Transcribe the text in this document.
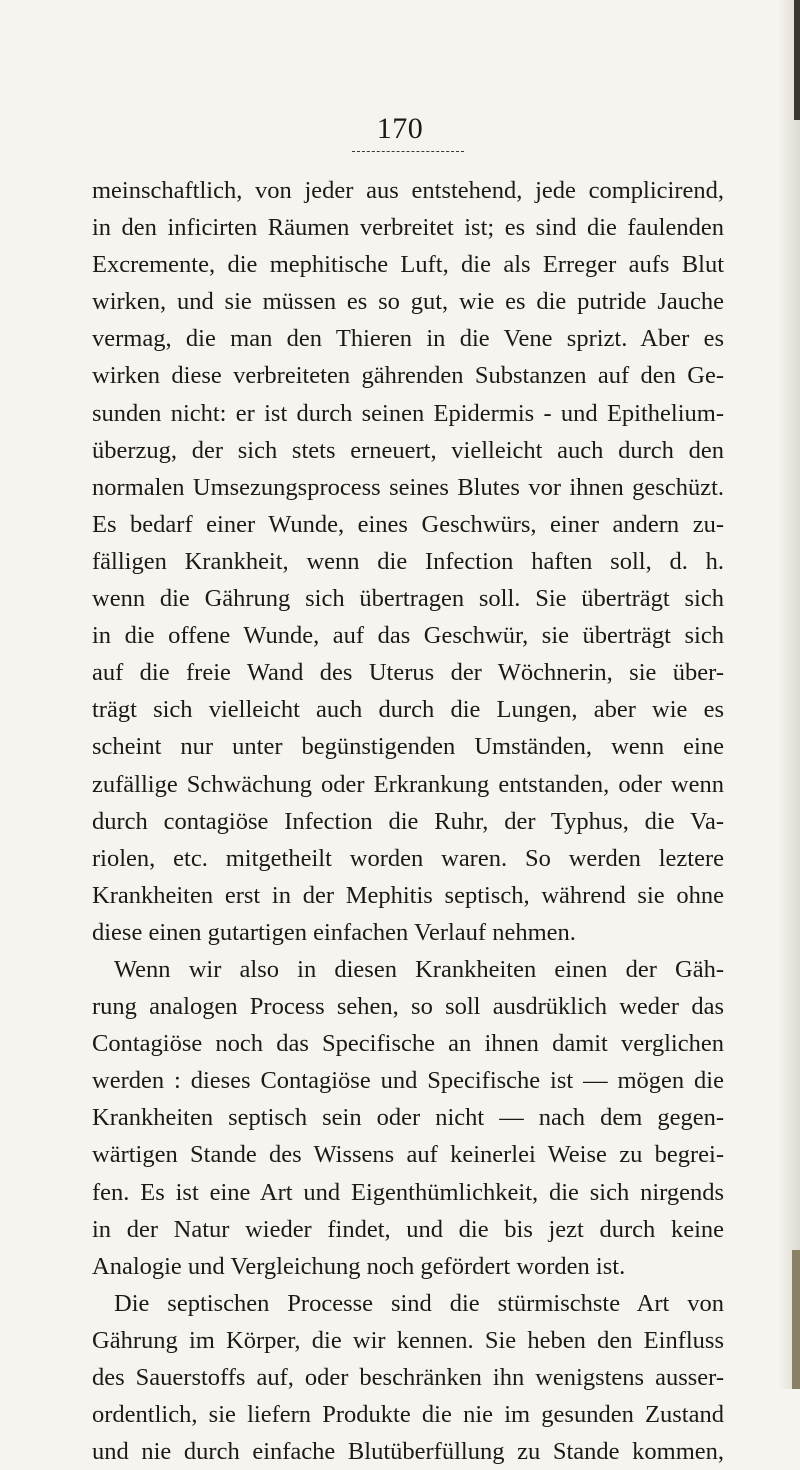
170
meinschaftlich, von jeder aus entstehend, jede complicirend,
in den inficirten Räumen verbreitet ist; es sind die faulenden
Excremente, die mephitische Luft, die als Erreger aufs Blut
wirken, und sie müssen es so gut, wie es die putride Jauche
vermag, die man den Thieren in die Vene sprizt. Aber es
wirken diese verbreiteten gährenden Substanzen auf den Ge-
sunden nicht: er ist durch seinen Epidermis - und Epithelium-
überzug, der sich stets erneuert, vielleicht auch durch den
normalen Umsezungsprocess seines Blutes vor ihnen geschüzt.
Es bedarf einer Wunde, eines Geschwürs, einer andern zu-
fälligen Krankheit, wenn die Infection haften soll, d. h.
wenn die Gährung sich übertragen soll. Sie überträgt sich
in die offene Wunde, auf das Geschwür, sie überträgt sich
auf die freie Wand des Uterus der Wöchnerin, sie über-
trägt sich vielleicht auch durch die Lungen, aber wie es
scheint nur unter begünstigenden Umständen, wenn eine
zufällige Schwächung oder Erkrankung entstanden, oder wenn
durch contagiöse Infection die Ruhr, der Typhus, die Va-
riolen, etc. mitgetheilt worden waren. So werden leztere
Krankheiten erst in der Mephitis septisch, während sie ohne
diese einen gutartigen einfachen Verlauf nehmen.
Wenn wir also in diesen Krankheiten einen der Gäh-
rung analogen Process sehen, so soll ausdrüklich weder das
Contagiöse noch das Specifische an ihnen damit verglichen
werden : dieses Contagiöse und Specifische ist — mögen die
Krankheiten septisch sein oder nicht — nach dem gegen-
wärtigen Stande des Wissens auf keinerlei Weise zu begrei-
fen. Es ist eine Art und Eigenthümlichkeit, die sich nirgends
in der Natur wieder findet, und die bis jezt durch keine
Analogie und Vergleichung noch gefördert worden ist.
Die septischen Processe sind die stürmischste Art von
Gährung im Körper, die wir kennen. Sie heben den Einfluss
des Sauerstoffs auf, oder beschränken ihn wenigstens ausser-
ordentlich, sie liefern Produkte die nie im gesunden Zustand
und nie durch einfache Blutüberfüllung zu Stande kommen,
